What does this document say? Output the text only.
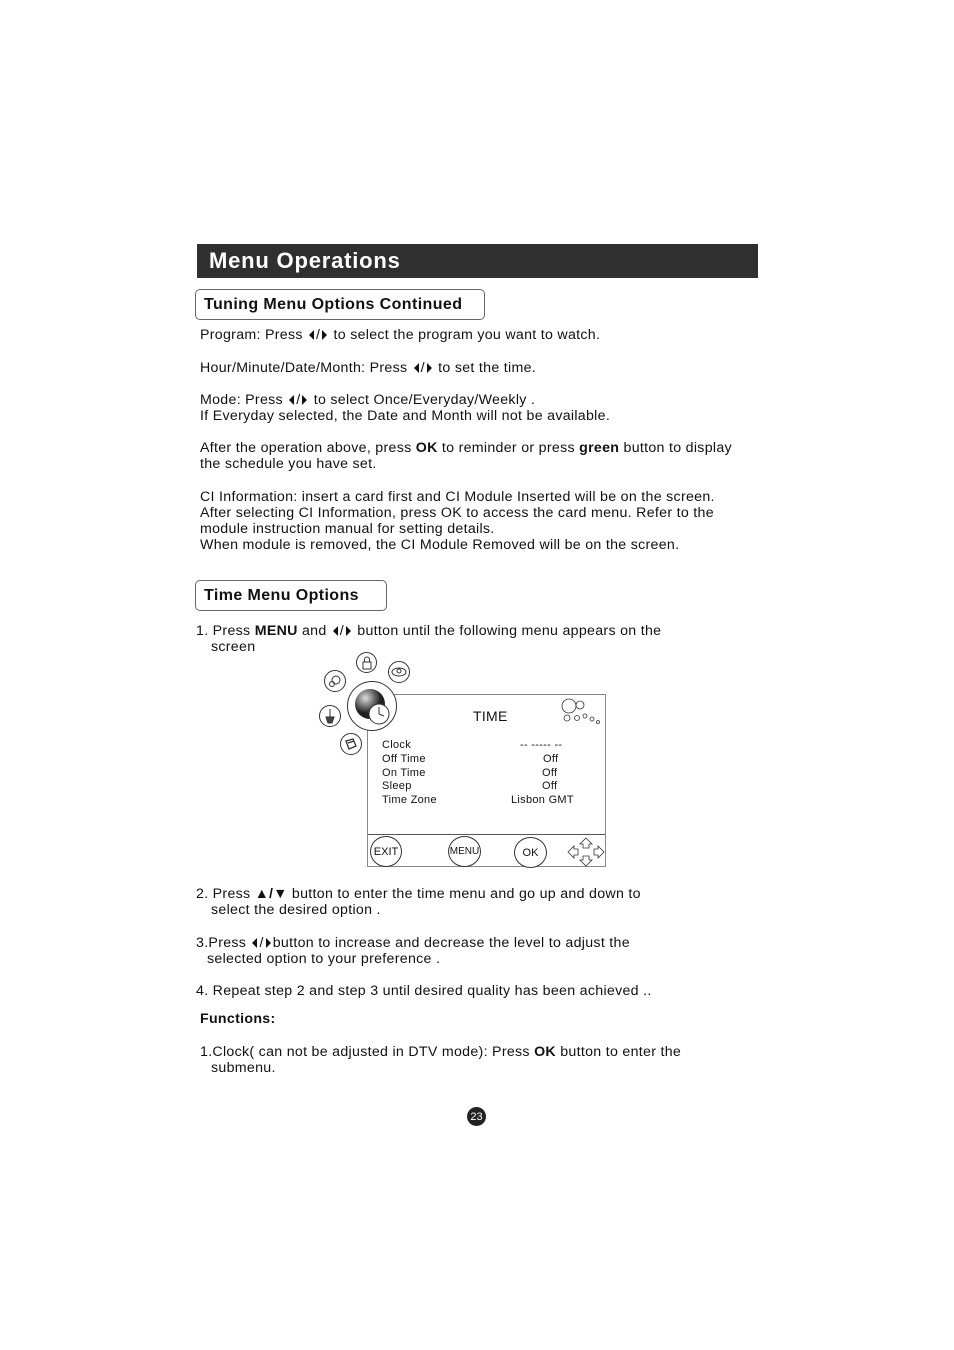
Menu Operations
Tuning Menu Options Continued
Program: Press / to select the program you want to watch.
Hour/Minute/Date/Month: Press / to set the time.
Mode: Press / to select Once/Everyday/Weekly .
If Everyday selected, the Date and Month will not be available.
After the operation above, press OK to reminder or press green button to display
the schedule you have set.
CI Information: insert a card first and CI Module Inserted will be on the screen.
After selecting CI Information, press OK to access the card menu. Refer to the
module instruction manual for setting details.
When module is removed, the CI Module Removed will be on the screen.
Time Menu Options
1. Press MENU and / button until the following menu appears on the
screen
TIME
Clock	-- ----- --
Off Time	Off
On Time	Off
Sleep	Off
Time Zone	Lisbon GMT
EXIT	MENU	OK
2. Press ▲/▼ button to enter the time menu and go up and down to
select the desired option .
3.Press / button to increase and decrease the level to adjust the
selected option to your preference .
4. Repeat step 2 and step 3 until desired quality has been achieved ..
Functions:
1.Clock( can not be adjusted in DTV mode): Press OK button to enter the
submenu.
23
